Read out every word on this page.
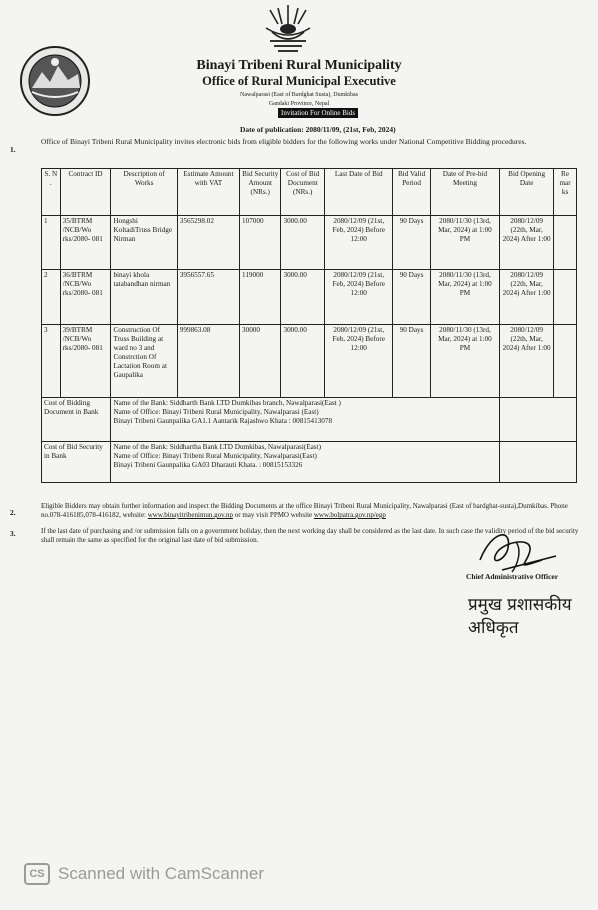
Binayi Tribeni Rural Municipality
Office of Rural Municipal Executive
Nawalparasi (East of Bardghat Susta), Dumkibas
Gandaki Province, Nepal
Invitation For Online Bids
Date of publication: 2080/11/09, (21st, Feb, 2024)
1.
Office of Binayi Tribeni Rural Municipality invites electronic bids from eligible bidders for the following works under National Competitive Bidding procedures.
S. N .	Contract ID	Description of Works	Estimate Amount with VAT	Bid Security Amount (NRs.)	Cost of Bid Document (NRs.)	Last Date of Bid	Bid Valid Period	Date of Pre-bid Meeting	Bid Opening Date	Re mar ks
1	35/BTRM /NCB/Wo rks/2080- 081	Hongshi KoltadiTruss Bridge Nirman	3565298.02	107000	3000.00	2080/12/09 (21st, Feb, 2024) Before 12:00	90 Days	2080/11/30 (13rd, Mar, 2024) at 1:00 PM	2080/12/09 (22th, Mar, 2024) After 1:00	
2	36/BTRM /NCB/Wo rks/2080- 081	binayi khola tatabandhan nirman	3956557.65	119000	3000.00	2080/12/09 (21st, Feb, 2024) Before 12:00	90 Days	2080/11/30 (13rd, Mar, 2024) at 1:00 PM	2080/12/09 (22th, Mar, 2024) After 1:00	
3	39/BTRM /NCB/Wo rks/2080- 081	Construction Of Truss Building at ward no 3 and Constrction Of Lactation Room at Gaupalika	999863.08	30000	3000.00	2080/12/09 (21st, Feb, 2024) Before 12:00	90 Days	2080/11/30 (13rd, Mar, 2024) at 1:00 PM	2080/12/09 (22th, Mar, 2024) After 1:00	
Cost of Bidding Document in Bank		Name of the Bank: Siddharth Bank LTD Dumkibas branch, Nawalparasi(East )
Name of Office: Binayi Tribeni Rural Municipality, Nawalparasi (East)
Binayi Tribeni Gaunpalika GA1.1 Aantarik Rajashwo Khata : 00815413078								

Cost of Bid Security in Bank		Name of the Bank: Siddhartha Bank LTD Dumkibas, Nawalparasi(East)
Name of Office: Binayi Tribeni Rural Municipality, Nawalparasi(East)
Binayi Tribeni Gaunpalika GA03 Dharauti Khata. : 00815153326								

2.
Eligible Bidders may obtain further information and inspect the Bidding Documents at the office Binayi Tribeni Rural Municipality, Nawalparasi (East of bardghat-susta),Dumkibas. Phone no.078-416185,078-416182, website: www.binayitribenimun.gov.np or may visit PPMO website www.bolpatra.gov.np/egp
3.	If the last date of purchasing and /or submission falls on a government holiday, then the next working day shall be considered as the last date. In such case the validity period of the bid security shall remain the same as specified for the original last date of bid submission.
Chief Administrative Officer
प्रमुख प्रशासकीय अधिकृत
CS Scanned with CamScanner
